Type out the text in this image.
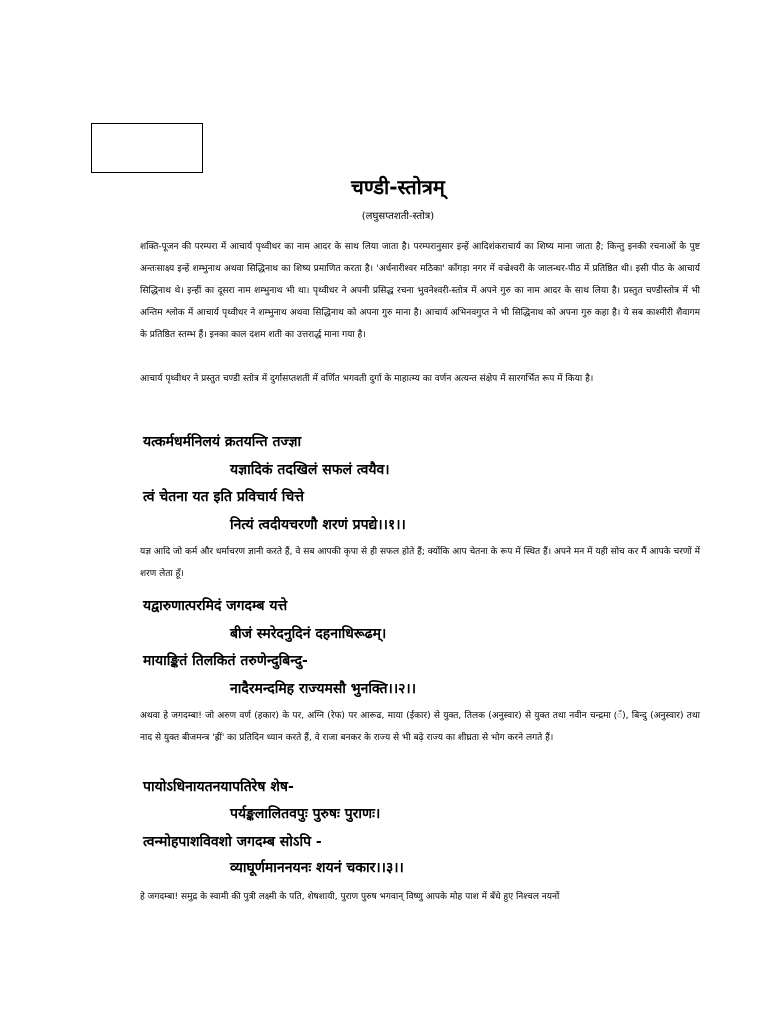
चण्डी-स्तोत्रम्
(लघुसप्तशती-स्तोत्र)
शक्ति-पूजन की परम्परा में आचार्य पृथ्वीधर का नाम आदर के साथ लिया जाता है। परम्परानुसार इन्हें आदिशंकराचार्य का शिष्य माना जाता है; किन्तु इनकी रचनाओं के पुष्ट अन्तःसाक्ष्य इन्हें शम्भुनाथ अथवा सिद्धिनाथ का शिष्य प्रमाणित करता है। 'अर्धनारीश्वर मठिका' काँगड़ा नगर में वज्रेश्वरी के जालन्धर-पीठ में प्रतिष्ठित थी। इसी पीठ के आचार्य सिद्धिनाथ थे। इन्हीं का दूसरा नाम शम्भुनाथ भी था। पृथ्वीधर ने अपनी प्रसिद्ध रचना भुवनेश्वरी-स्तोत्र में अपने गुरु का नाम आदर के साथ लिया है। प्रस्तुत चण्डीस्तोत्र में भी अन्तिम श्लोक में आचार्य पृथ्वीधर ने शम्भुनाथ अथवा सिद्धिनाथ को अपना गुरु माना है। आचार्य अभिनवगुप्त ने भी सिद्धिनाथ को अपना गुरु कहा है। ये सब काश्मीरी शैवागम के प्रतिष्ठित स्तम्भ हैं। इनका काल दशम शती का उत्तरार्द्ध माना गया है।
आचार्य पृथ्वीधर ने प्रस्तुत चण्डी स्तोत्र में दुर्गासप्तशती में वर्णित भगवती दुर्गा के माहात्म्य का वर्णन अत्यन्त संक्षेप में सारगर्भित रूप में किया है।
यत्कर्मधर्मनिलयं क्रतयन्ति तज्ज्ञा
यज्ञादिकं तदखिलं सफलं त्वयैव।
त्वं चेतना यत इति प्रविचार्य चित्ते
नित्यं त्वदीयचरणौ शरणं प्रपद्ये।।१।।
यज्ञ आदि जो कर्म और धर्माचरण ज्ञानी करते हैं, वे सब आपकी कृपा से ही सफल होते हैं; क्योंकि आप चेतना के रूप में स्थित हैं। अपने मन में यही सोच कर मैं आपके चरणों में शरण लेता हूँ।
यद्वारुणात्परमिदं जगदम्ब यत्ते
बीजं स्मरेदनुदिनं दहनाधिरूढम्।
मायाङ्कितं तिलकितं तरुणेन्दुबिन्दु-
नादैरमन्दमिह राज्यमसौ भुनक्ति।।२।।
अथवा हे जगदम्बा! जो अरुण वर्ण (हकार) के पर, अग्नि (रेफ) पर आरूढ, माया (ईकार) से युक्त, तिलक (अनुस्वार) से युक्त तथा नवीन चन्द्रमा (ँ), बिन्दु (अनुस्वार) तथा नाद से युक्त बीजमन्त्र 'ह्रीं' का प्रतिदिन ध्यान करते हैं, वे राजा बनकर के राज्य से भी बढ़े राज्य का शीघ्रता से भोग करने लगते हैं।
पायोऽधिनायतनयापतिरेष शेष-
पर्यङ्कलालितवपुः पुरुषः पुराणः।
त्वन्मोहपाशविवशो जगदम्ब सोऽपि -
व्याघूर्णमाननयनः शयनं चकार।।३।।
हे जगदम्बा! समुद्र के स्वामी की पुत्री लक्ष्मी के पति, शेषशायी, पुराण पुरुष भगवान् विष्णु आपके मोह पाश में बँधे हुए निश्चल नयनों
